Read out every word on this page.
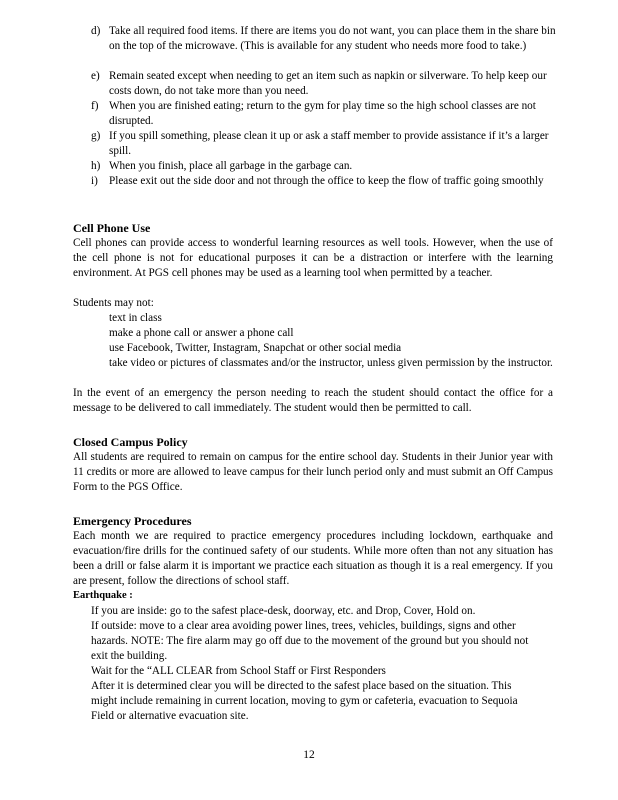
d) Take all required food items. If there are items you do not want, you can place them in the share bin on the top of the microwave. (This is available for any student who needs more food to take.)
e) Remain seated except when needing to get an item such as napkin or silverware. To help keep our costs down, do not take more than you need.
f) When you are finished eating; return to the gym for play time so the high school classes are not disrupted.
g) If you spill something, please clean it up or ask a staff member to provide assistance if it’s a larger spill.
h) When you finish, place all garbage in the garbage can.
i) Please exit out the side door and not through the office to keep the flow of traffic going smoothly
Cell Phone Use

Cell phones can provide access to wonderful learning resources as well tools. However, when the use of the cell phone is not for educational purposes it can be a distraction or interfere with the learning environment. At PGS cell phones may be used as a learning tool when permitted by a teacher.

Students may not:

text in class
make a phone call or answer a phone call
use Facebook, Twitter, Instagram, Snapchat or other social media
take video or pictures of classmates and/or the instructor, unless given permission by the instructor.

In the event of an emergency the person needing to reach the student should contact the office for a message to be delivered to call immediately. The student would then be permitted to call.

Closed Campus Policy

All students are required to remain on campus for the entire school day. Students in their Junior year with 11 credits or more are allowed to leave campus for their lunch period only and must submit an Off Campus Form to the PGS Office.

Emergency Procedures

Each month we are required to practice emergency procedures including lockdown, earthquake and evacuation/fire drills for the continued safety of our students. While more often than not any situation has been a drill or false alarm it is important we practice each situation as though it is a real emergency. If you are present, follow the directions of school staff.

Earthquake :
If you are inside: go to the safest place-desk, doorway, etc. and Drop, Cover, Hold on.
If outside: move to a clear area avoiding power lines, trees, vehicles, buildings, signs and other hazards. NOTE: The fire alarm may go off due to the movement of the ground but you should not exit the building.
Wait for the “ALL CLEAR from School Staff or First Responders
After it is determined clear you will be directed to the safest place based on the situation. This might include remaining in current location, moving to gym or cafeteria, evacuation to Sequoia Field or alternative evacuation site.
12
